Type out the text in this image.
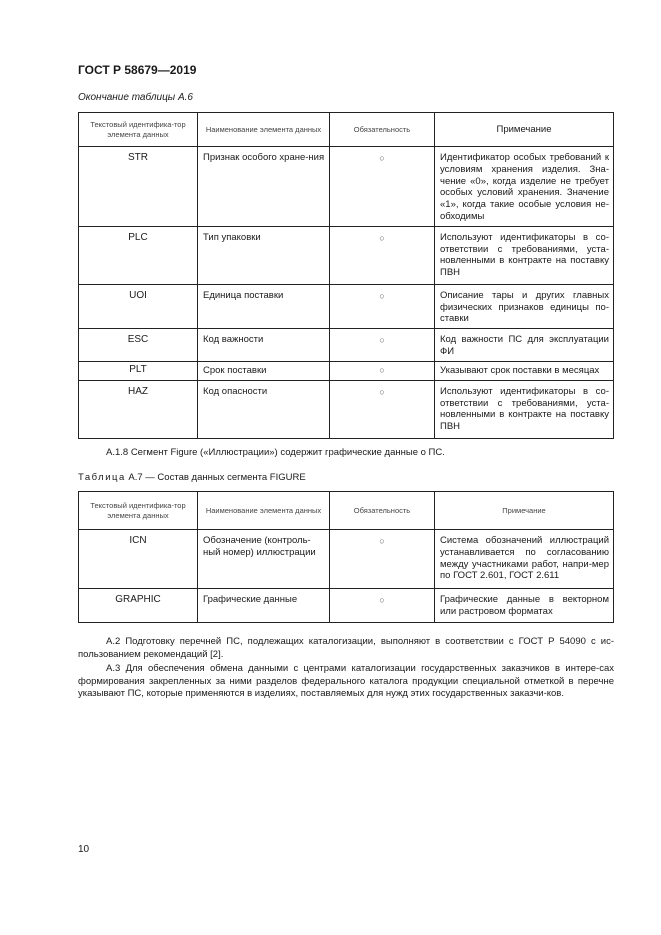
ГОСТ Р 58679—2019
Окончание таблицы А.6
Текстовый идентифика-тор элемента данных	Наименование элемента данных	Обязательность	Примечание
STR	Признак особого хране-ния	○	Идентификатор особых требований к условиям хранения изделия. Зна-чение «0», когда изделие не требует особых условий хранения. Значение «1», когда такие особые условия не-обходимы
PLC	Тип упаковки	○	Используют идентификаторы в со-ответствии с требованиями, уста-новленными в контракте на поставку ПВН
UOI	Единица поставки	○	Описание тары и других главных физических признаков единицы по-ставки
ESC	Код важности	○	Код важности ПС для эксплуатации ФИ
PLT	Срок поставки	○	Указывают срок поставки в месяцах
HAZ	Код опасности	○	Используют идентификаторы в со-ответствии с требованиями, уста-новленными в контракте на поставку ПВН
А.1.8 Сегмент Figure («Иллюстрации») содержит графические данные о ПС.
Таблица А.7 — Состав данных сегмента FIGURE
Текстовый идентифика-тор элемента данных	Наименование элемента данных	Обязательность	Примечание
ICN	Обозначение (контроль-ный номер) иллюстрации	○	Система обозначений иллюстраций устанавливается по согласованию между участниками работ, напри-мер по ГОСТ 2.601, ГОСТ 2.611
GRAPHIC	Графические данные	○	Графические данные в векторном или растровом форматах
А.2 Подготовку перечней ПС, подлежащих каталогизации, выполняют в соответствии с ГОСТ Р 54090 с ис-пользованием рекомендаций [2].
А.3 Для обеспечения обмена данными с центрами каталогизации государственных заказчиков в интере-сах формирования закрепленных за ними разделов федерального каталога продукции специальной отметкой в перечне указывают ПС, которые применяются в изделиях, поставляемых для нужд этих государственных заказчи-ков.
10
